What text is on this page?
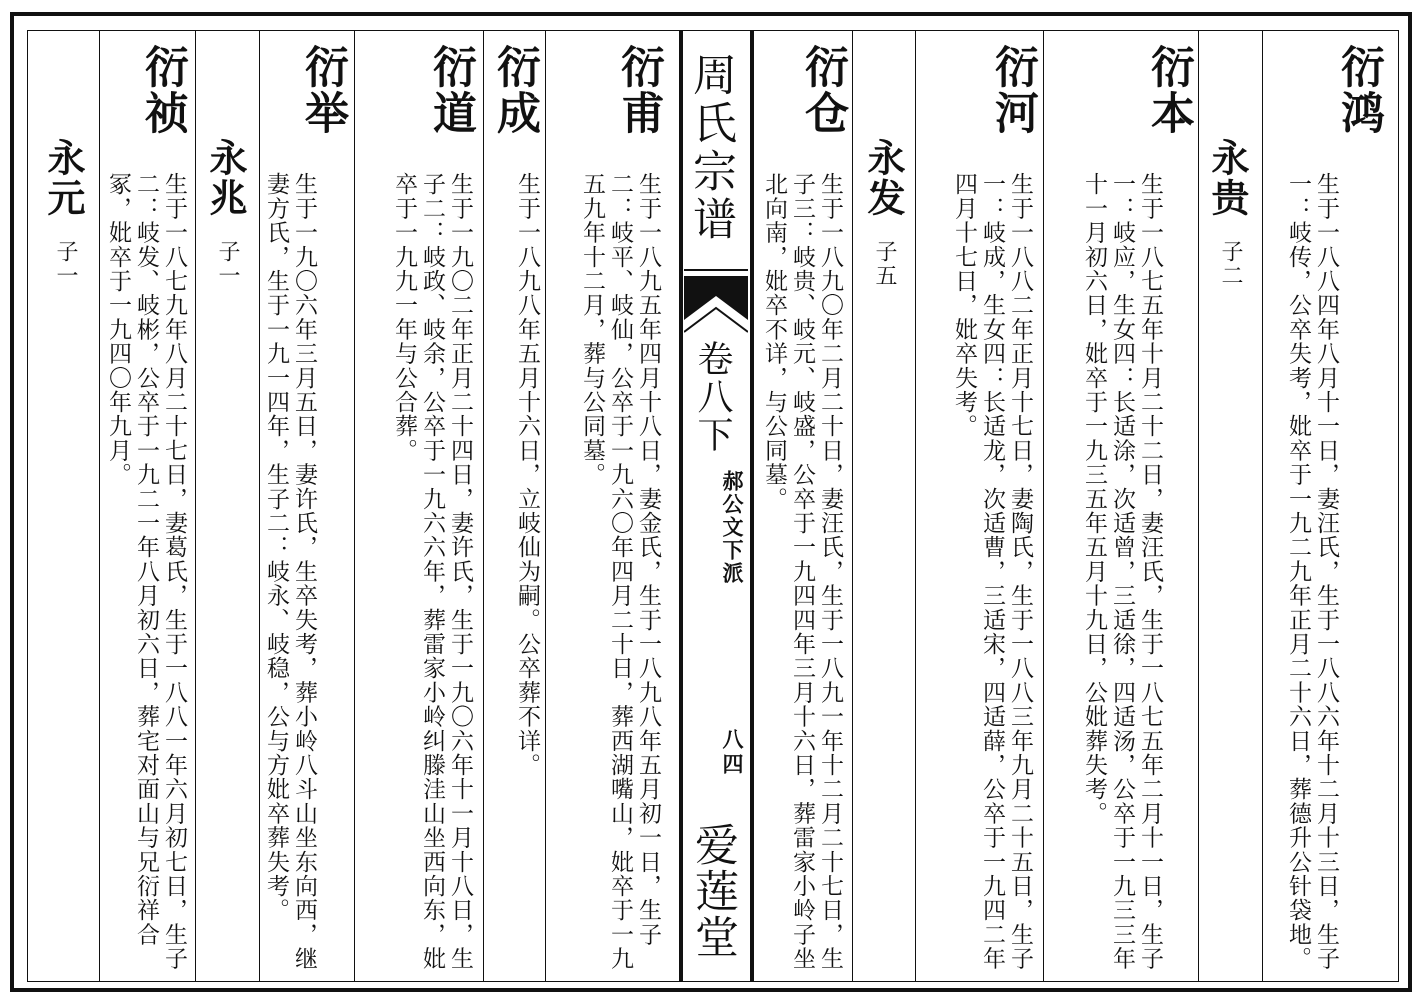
衍鸿
生于一八八四年八月十一日，妻汪氏，生于一八八六年十二月十三日，生子一：岐传，公卒失考，妣卒于一九二九年正月二十六日，葬德升公针袋地。
永贵
子二
衍本
生于一八七五年十月二十二日，妻汪氏，生于一八七五年二月十一日，生子一：岐应，生女四：长适涂，次适曾，三适徐，四适汤，公卒于一九三三年十一月初六日，妣卒于一九三五年五月十九日，公妣葬失考。
衍河
生于一八八二年正月十七日，妻陶氏，生于一八八三年九月二十五日，生子一：岐成，生女四：长适龙，次适曹，三适宋，四适薛，公卒于一九四二年四月十七日，妣卒失考。
永发
子五
衍仓
生于一八九〇年二月二十日，妻汪氏，生于一八九一年十二月二十七日，生子三：岐贵、岐元、岐盛，公卒于一九四四年三月十六日，葬雷家小岭子坐北向南，妣卒不详，与公同墓。
周氏宗谱
卷八下
郝公文下派
八四
爱莲堂
衍甫
生于一八九五年四月十八日，妻金氏，生于一八九八年五月初一日，生子二：岐平、岐仙，公卒于一九六〇年四月二十日，葬西湖嘴山，妣卒于一九五九年十二月，葬与公同墓。
衍成
生于一八九八年五月十六日，立岐仙为嗣。公卒葬不详。
衍道
生于一九〇二年正月二十四日，妻许氏，生于一九〇六年十一月十八日，生子二：岐政、岐余，公卒于一九六六年，葬雷家小岭纠滕洼山坐西向东，妣卒于一九九一年与公合葬。
衍举
生于一九〇六年三月五日，妻许氏，生卒失考，葬小岭八斗山坐东向西，继妻方氏，生于一九一四年，生子二：岐永、岐稳，公与方妣卒葬失考。
永兆
子一
衍祯
生于一八七九年八月二十七日，妻葛氏，生于一八八一年六月初七日，生子二：岐发、岐彬，公卒于一九二一年八月初六日，葬宅对面山与兄衍祥合冢，妣卒于一九四〇年九月。
永元
子一
